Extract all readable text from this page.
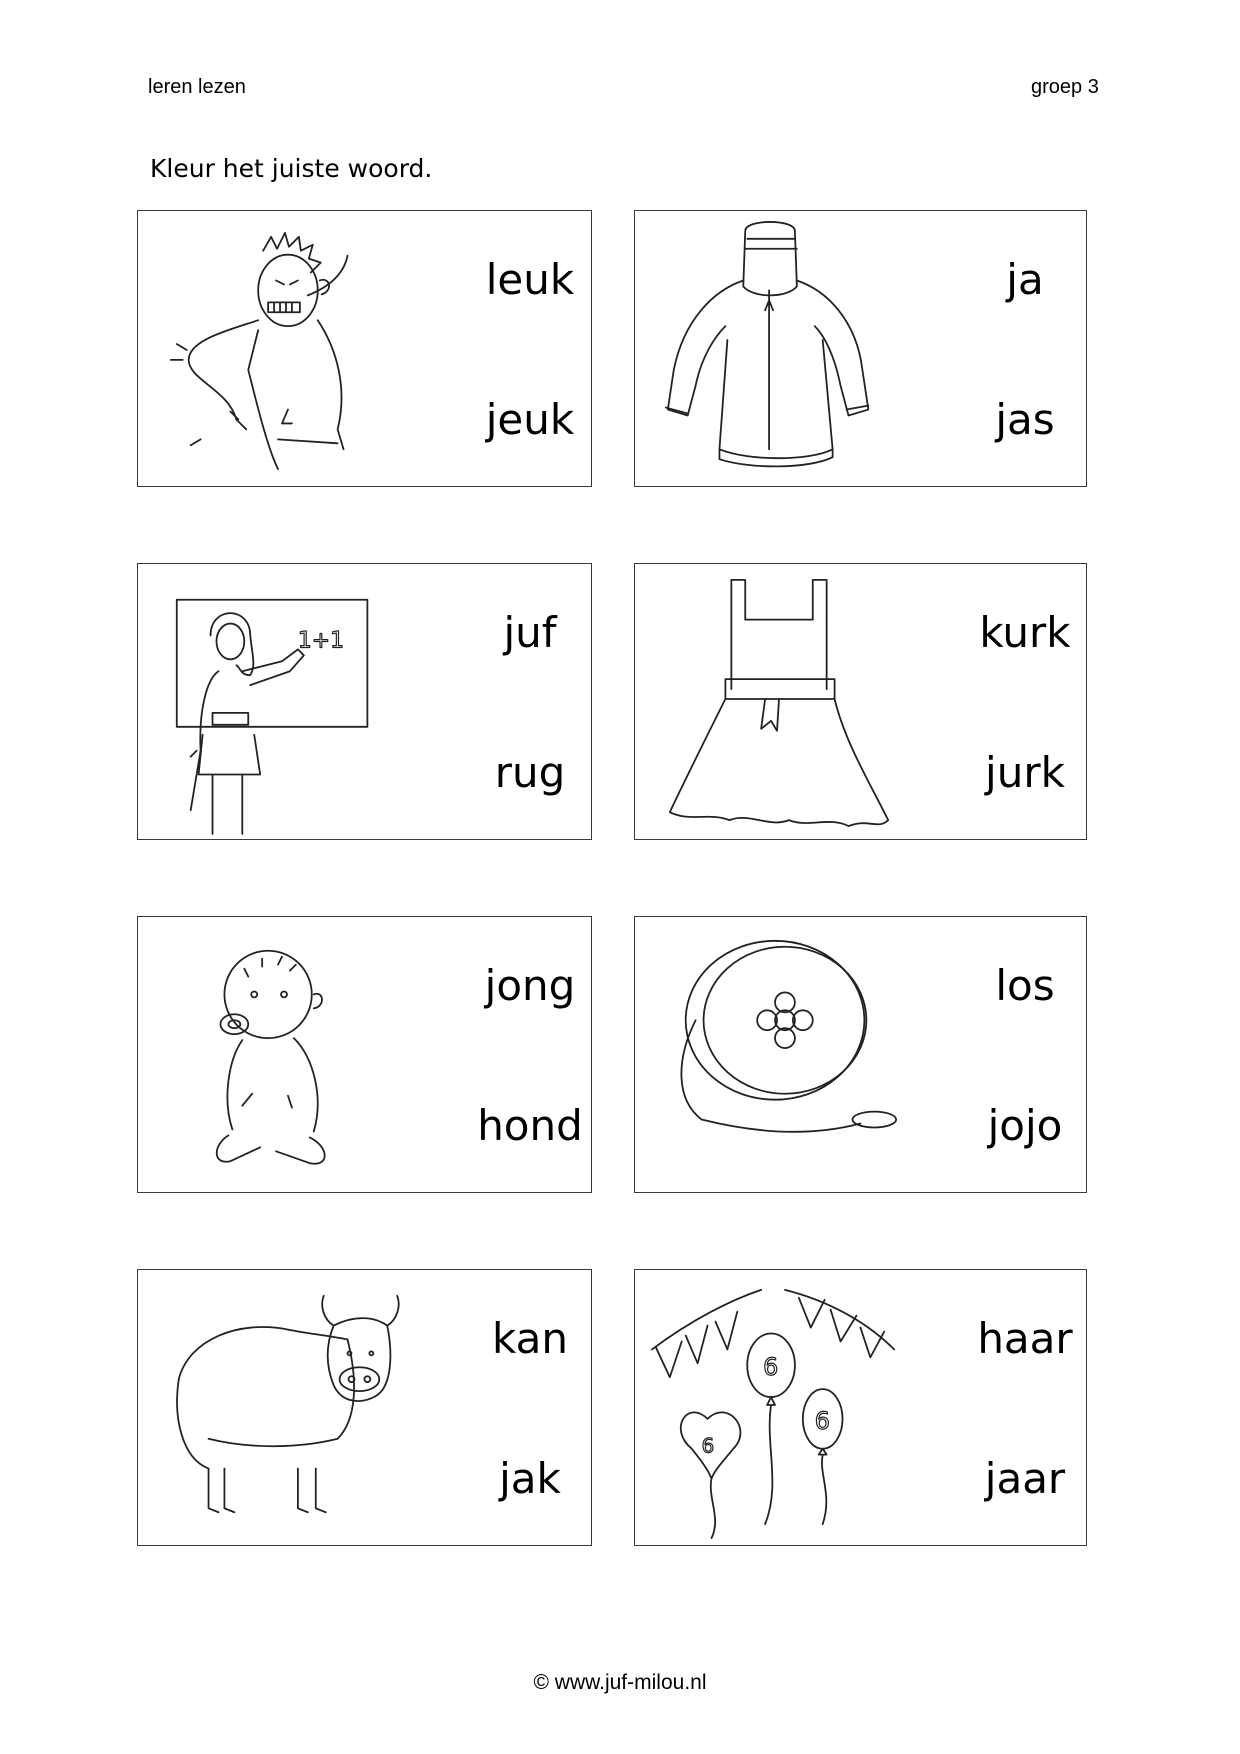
leren lezen	groep 3
Kleur het juiste woord.
leuk
jeuk
ja
jas
1+1	juf
rug
kurk
jurk
jong
hond
los
jojo
kan
jak
6
6
6
haar
jaar
© www.juf-milou.nl
